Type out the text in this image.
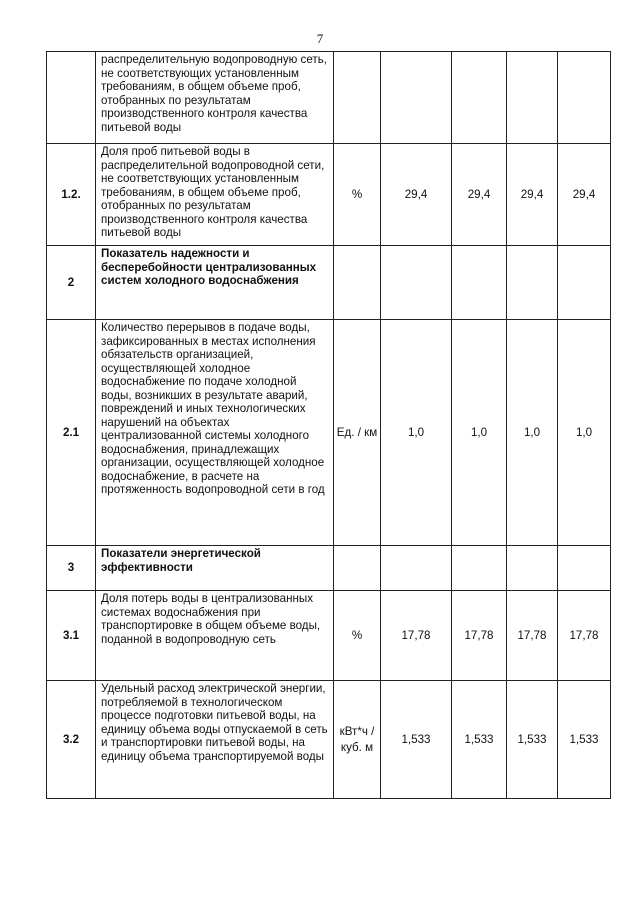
7
	распределительную водопроводную сеть, не соответствующих установленным требованиям, в общем объеме проб, отобранных по результатам производственного контроля качества питьевой воды					
1.2.	Доля проб питьевой воды в распределительной водопроводной сети, не соответствующих установленным требованиям, в общем объеме проб, отобранных по результатам производственного контроля качества питьевой воды	%	29,4	29,4	29,4	29,4
2	Показатель надежности и бесперебойности централизованных систем холодного водоснабжения					
2.1	Количество перерывов в подаче воды, зафиксированных в местах исполнения обязательств организацией, осуществляющей холодное водоснабжение по подаче холодной воды, возникших в результате аварий, повреждений и иных технологических нарушений на объектах централизованной системы холодного водоснабжения, принадлежащих организации, осуществляющей холодное водоснабжение, в расчете на протяженность водопроводной сети в год	Ед. / км	1,0	1,0	1,0	1,0
3	Показатели энергетической эффективности					
3.1	Доля потерь воды в централизованных системах водоснабжения при транспортировке в общем объеме воды, поданной в водопроводную сеть	%	17,78	17,78	17,78	17,78
3.2	Удельный расход электрической энергии, потребляемой в технологическом процессе подготовки питьевой воды, на единицу объема воды отпускаемой в сеть и транспортировки питьевой воды, на единицу объема транспортируемой воды	кВт*ч /куб. м	1,533	1,533	1,533	1,533
